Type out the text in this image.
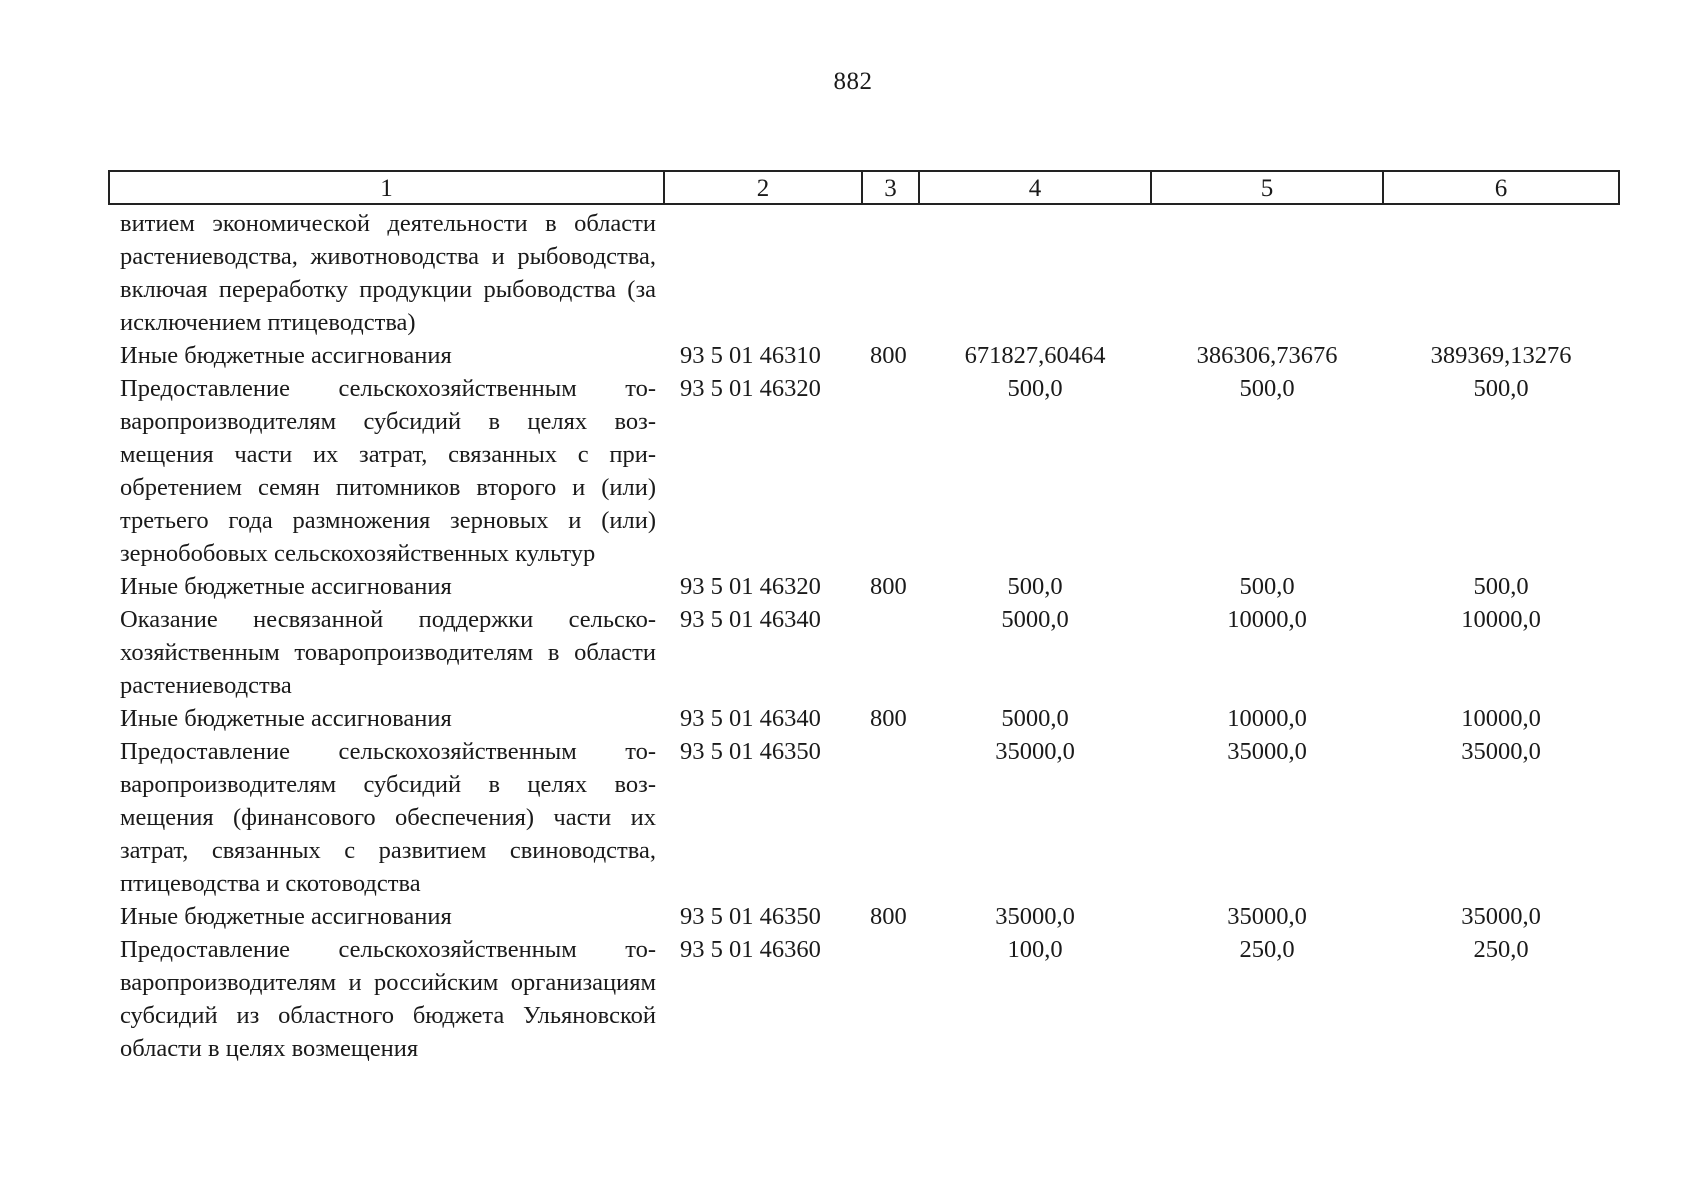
882
1	2	3	4	5	6
витием экономической деятельности в области растениеводства, животноводства и рыбоводства, включая переработку продукции рыбоводства (за исключением птицеводства)					
Иные бюджетные ассигнования	93 5 01 46310	800	671827,60464	386306,73676	389369,13276
Предоставление сельскохозяйственным товаропроизводителям субсидий в целях возмещения части их затрат, связанных с приобретением семян питомников второго и (или) третьего года размножения зерновых и (или) зернобобовых сельскохозяйственных культур	93 5 01 46320		500,0	500,0	500,0
Иные бюджетные ассигнования	93 5 01 46320	800	500,0	500,0	500,0
Оказание несвязанной поддержки сельскохозяйственным товаропроизводителям в области растениеводства	93 5 01 46340		5000,0	10000,0	10000,0
Иные бюджетные ассигнования	93 5 01 46340	800	5000,0	10000,0	10000,0
Предоставление сельскохозяйственным товаропроизводителям субсидий в целях возмещения (финансового обеспечения) части их затрат, связанных с развитием свиноводства, птицеводства и скотоводства	93 5 01 46350		35000,0	35000,0	35000,0
Иные бюджетные ассигнования	93 5 01 46350	800	35000,0	35000,0	35000,0
Предоставление сельскохозяйственным товаропроизводителям и российским организациям субсидий из областного бюджета Ульяновской области в целях возмещения	93 5 01 46360		100,0	250,0	250,0
